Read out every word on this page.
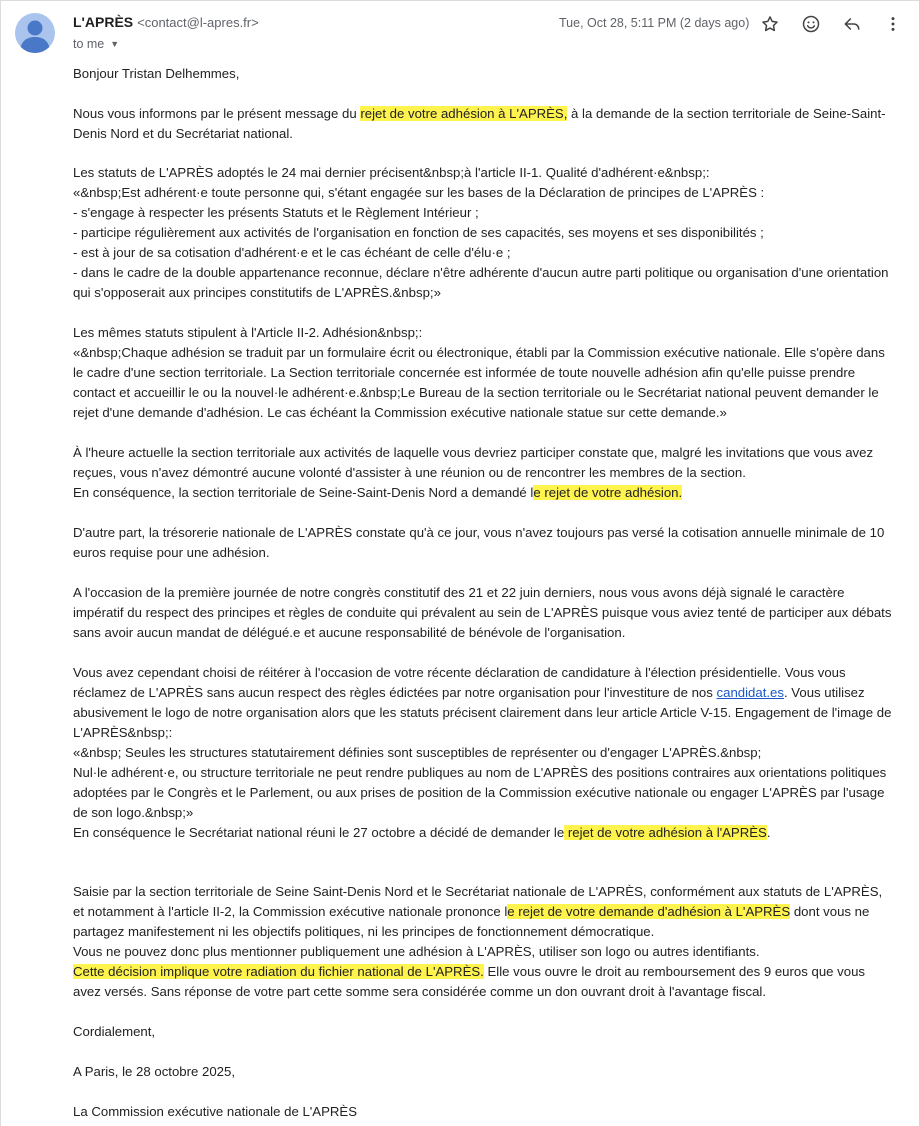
L'APRÈS <contact@l-apres.fr>
to me ▼
Tue, Oct 28, 5:11 PM (2 days ago)
Bonjour Tristan Delhemmes,
Nous vous informons par le présent message du rejet de votre adhésion à L'APRÈS, à la demande de la section territoriale de Seine-Saint-Denis Nord et du Secrétariat national.
Les statuts de L'APRÈS adoptés le 24 mai dernier précisent&nbsp;à l'article II-1. Qualité d'adhérent·e&nbsp;:
«&nbsp;Est adhérent·e toute personne qui, s'étant engagée sur les bases de la Déclaration de principes de L'APRÈS :
- s'engage à respecter les présents Statuts et le Règlement Intérieur ;
- participe régulièrement aux activités de l'organisation en fonction de ses capacités, ses moyens et ses disponibilités ;
- est à jour de sa cotisation d'adhérent·e et le cas échéant de celle d'élu·e ;
- dans le cadre de la double appartenance reconnue, déclare n'être adhérente d'aucun autre parti politique ou organisation d'une orientation
qui s'opposerait aux principes constitutifs de L'APRÈS.&nbsp;»
Les mêmes statuts stipulent à l'Article II-2. Adhésion&nbsp;:
«&nbsp;Chaque adhésion se traduit par un formulaire écrit ou électronique, établi par la Commission exécutive nationale. Elle s'opère dans
le cadre d'une section territoriale. La Section territoriale concernée est informée de toute nouvelle adhésion afin qu'elle puisse prendre
contact et accueillir le ou la nouvel·le adhérent·e.&nbsp;Le Bureau de la section territoriale ou le Secrétariat national peuvent demander le
rejet d'une demande d'adhésion. Le cas échéant la Commission exécutive nationale statue sur cette demande.»
À l'heure actuelle la section territoriale aux activités de laquelle vous devriez participer constate que, malgré les invitations que vous avez
reçues, vous n'avez démontré aucune volonté d'assister à une réunion ou de rencontrer les membres de la section.
En conséquence, la section territoriale de Seine-Saint-Denis Nord a demandé le rejet de votre adhésion.
D'autre part, la trésorerie nationale de L'APRÈS constate qu'à ce jour, vous n'avez toujours pas versé la cotisation annuelle minimale de 10
euros requise pour une adhésion.
A l'occasion de la première journée de notre congrès constitutif des 21 et 22 juin derniers, nous vous avons déjà signalé le caractère
impératif du respect des principes et règles de conduite qui prévalent au sein de L'APRÈS puisque vous aviez tenté de participer aux débats
sans avoir aucun mandat de délégué.e et aucune responsabilité de bénévole de l'organisation.
Vous avez cependant choisi de réitérer à l'occasion de votre récente déclaration de candidature à l'élection présidentielle. Vous vous
réclamez de L'APRÈS sans aucun respect des règles édictées par notre organisation pour l'investiture de nos candidat.es. Vous utilisez
abusivement le logo de notre organisation alors que les statuts précisent clairement dans leur article Article V-15. Engagement de l'image de
L'APRÈS&nbsp;:
«&nbsp; Seules les structures statutairement définies sont susceptibles de représenter ou d'engager L'APRÈS.&nbsp;
Nul·le adhérent·e, ou structure territoriale ne peut rendre publiques au nom de L'APRÈS des positions contraires aux orientations politiques
adoptées par le Congrès et le Parlement, ou aux prises de position de la Commission exécutive nationale ou engager L'APRÈS par l'usage
de son logo.&nbsp;»
En conséquence le Secrétariat national réuni le 27 octobre a décidé de demander le rejet de votre adhésion à l'APRÈS.
Saisie par la section territoriale de Seine Saint-Denis Nord et le Secrétariat nationale de L'APRÈS, conformément aux statuts de L'APRÈS,
et notamment à l'article II-2, la Commission exécutive nationale prononce le rejet de votre demande d'adhésion à L'APRÈS dont vous ne
partagez manifestement ni les objectifs politiques, ni les principes de fonctionnement démocratique.
Vous ne pouvez donc plus mentionner publiquement une adhésion à L'APRÈS, utiliser son logo ou autres identifiants.
Cette décision implique votre radiation du fichier national de L'APRÈS. Elle vous ouvre le droit au remboursement des 9 euros que vous
avez versés. Sans réponse de votre part cette somme sera considérée comme un don ouvrant droit à l'avantage fiscal.
Cordialement,
A Paris, le 28 octobre 2025,
La Commission exécutive nationale de L'APRÈS
